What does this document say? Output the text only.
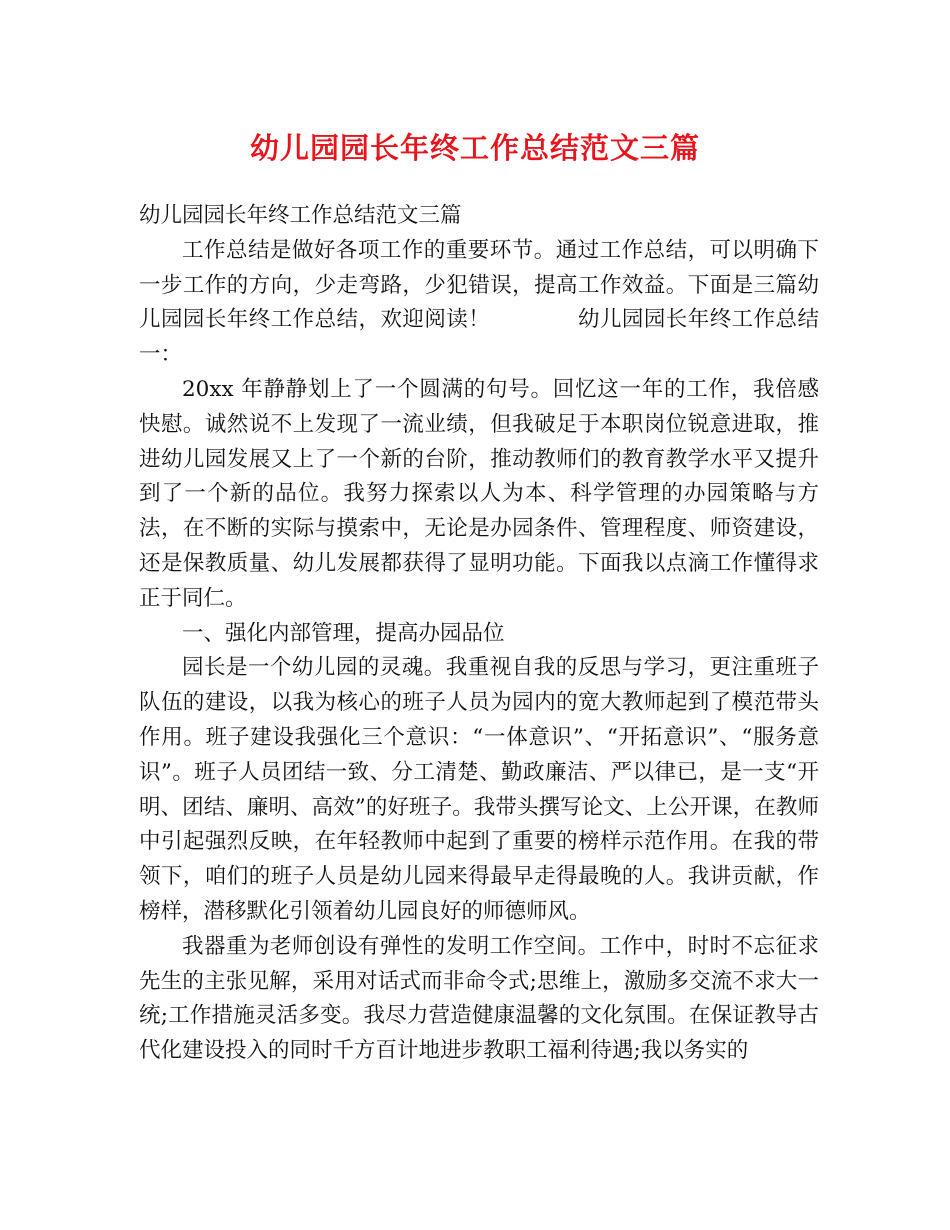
幼儿园园长年终工作总结范文三篇

幼儿园园长年终工作总结范文三篇

工作总结是做好各项工作的重要环节。通过工作总结，可以明确下一步工作的方向，少走弯路，少犯错误，提高工作效益。下面是三篇幼儿园园长年终工作总结，欢迎阅读！　　　　幼儿园园长年终工作总结一：

20xx 年静静划上了一个圆满的句号。回忆这一年的工作，我倍感快慰。诚然说不上发现了一流业绩，但我破足于本职岗位锐意进取，推进幼儿园发展又上了一个新的台阶，推动教师们的教育教学水平又提升到了一个新的品位。我努力探索以人为本、科学管理的办园策略与方法，在不断的实际与摸索中，无论是办园条件、管理程度、师资建设，还是保教质量、幼儿发展都获得了显明功能。下面我以点滴工作懂得求正于同仁。

一、强化内部管理，提高办园品位

园长是一个幼儿园的灵魂。我重视自我的反思与学习，更注重班子队伍的建设，以我为核心的班子人员为园内的宽大教师起到了模范带头作用。班子建设我强化三个意识：“一体意识”、“开拓意识”、“服务意识”。班子人员团结一致、分工清楚、勤政廉洁、严以律已，是一支“开明、团结、廉明、高效”的好班子。我带头撰写论文、上公开课，在教师中引起强烈反映，在年轻教师中起到了重要的榜样示范作用。在我的带领下，咱们的班子人员是幼儿园来得最早走得最晚的人。我讲贡献，作榜样，潜移默化引领着幼儿园良好的师德师风。

我器重为老师创设有弹性的发明工作空间。工作中，时时不忘征求先生的主张见解，采用对话式而非命令式;思维上，激励多交流不求大一统;工作措施灵活多变。我尽力营造健康温馨的文化氛围。在保证教导古代化建设投入的同时千方百计地进步教职工福利待遇;我以务实的
